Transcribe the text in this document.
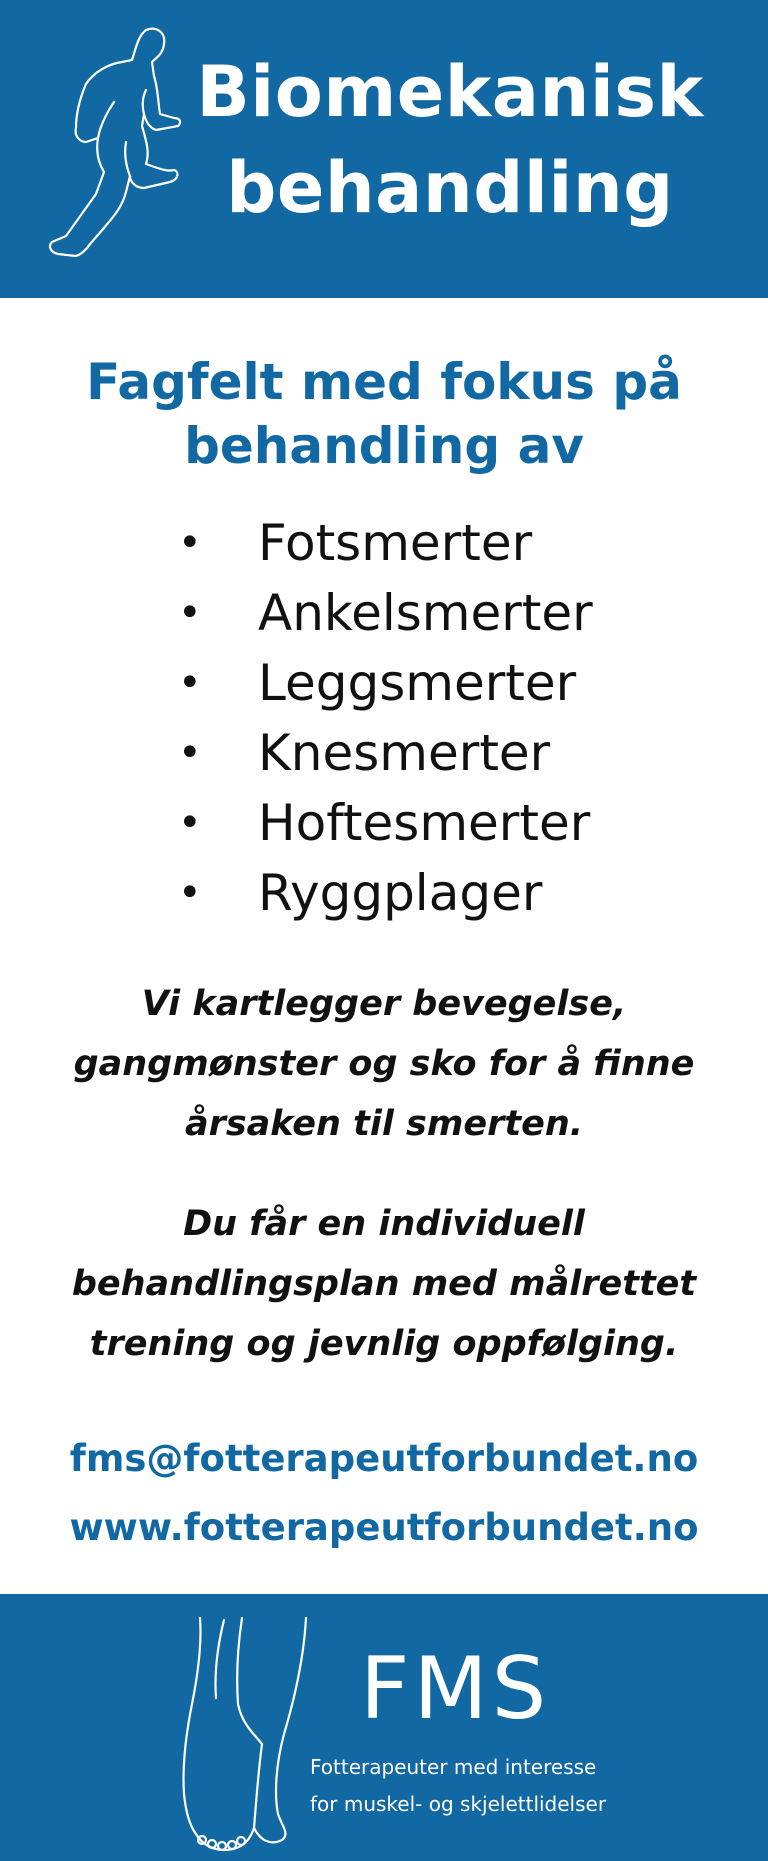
Biomekanisk
behandling
Fagfelt med fokus på
behandling av
• Fotsmerter
• Ankelsmerter
• Leggsmerter
• Knesmerter
• Hoftesmerter
• Ryggplager
Vi kartlegger bevegelse,
gangmønster og sko for å finne
årsaken til smerten.
Du får en individuell
behandlingsplan med målrettet
trening og jevnlig oppfølging.
fms@fotterapeutforbundet.no
www.fotterapeutforbundet.no
FMS
Fotterapeuter med interesse
for muskel- og skjelettlidelser
